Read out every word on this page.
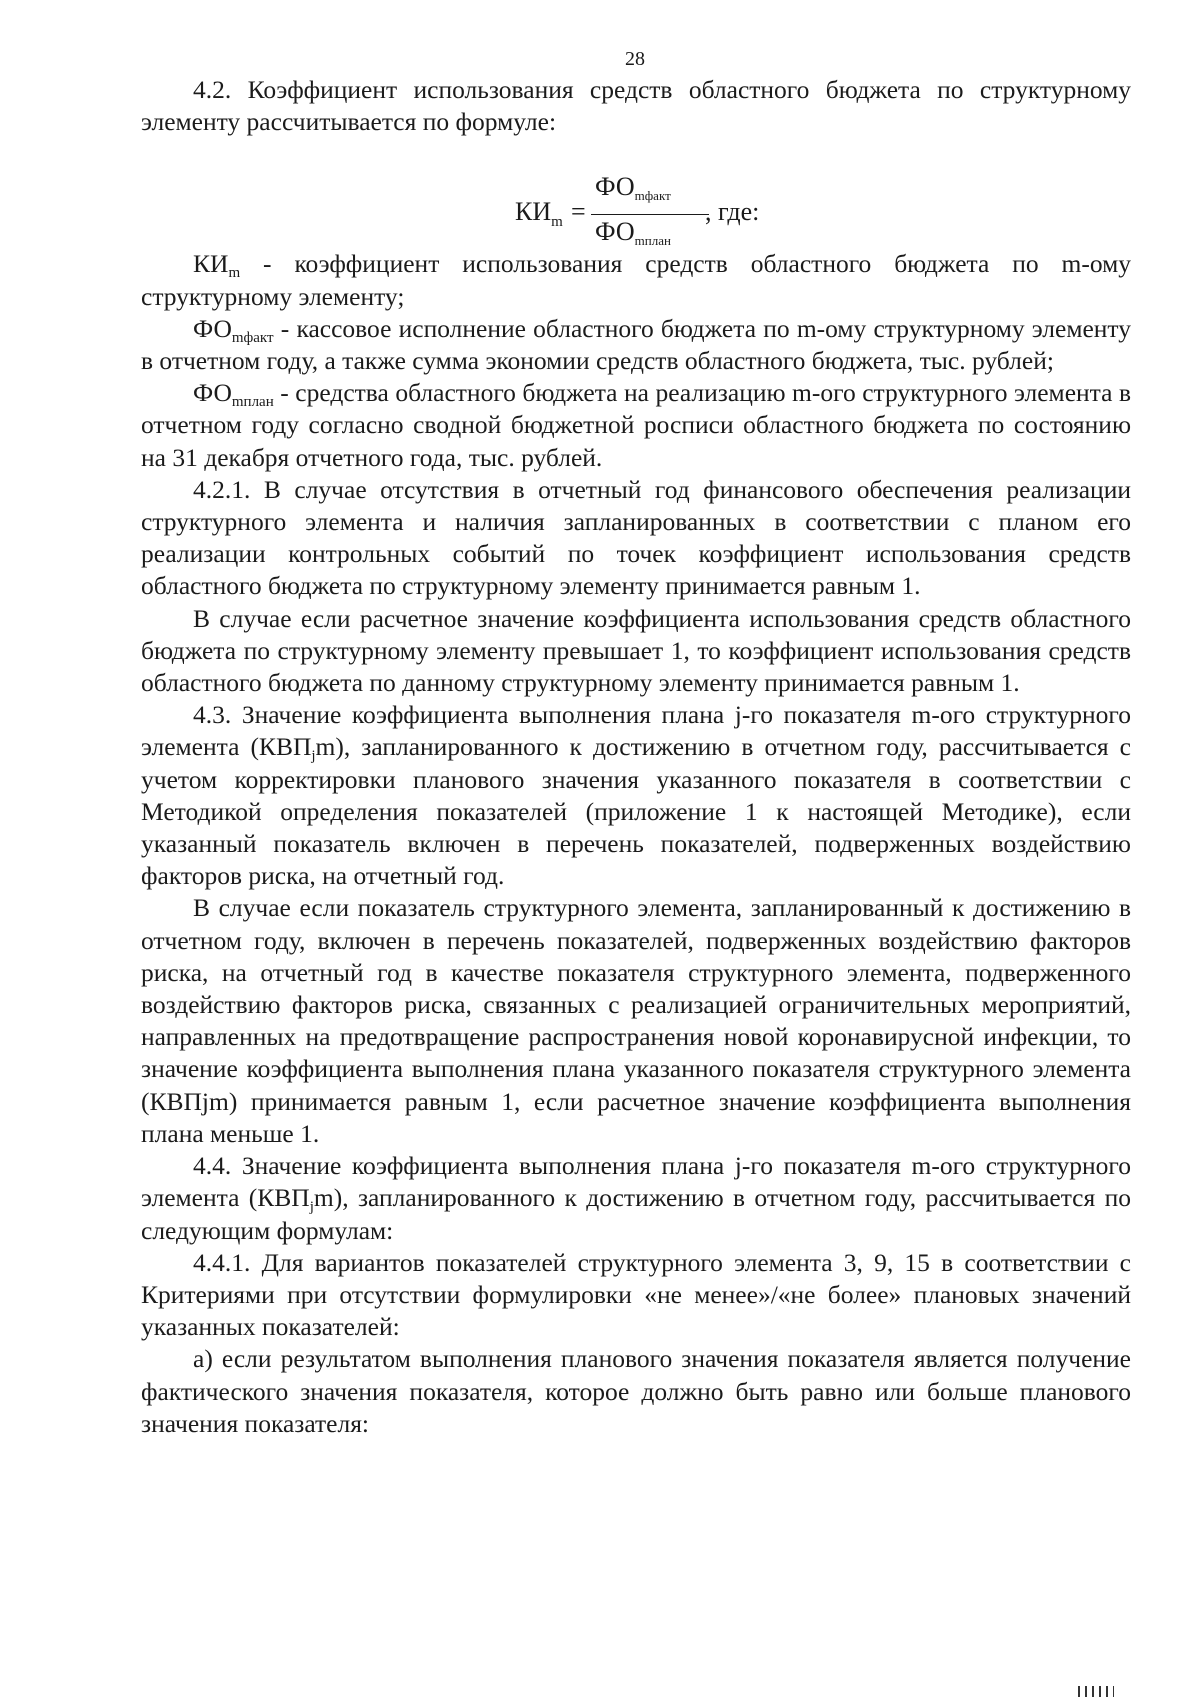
28
$КИ_m$ =
ФОmфакт
ФОmплан
, где:

4.2. Коэффициент использования средств областного бюджета по структурному элементу рассчитывается по формуле:

$КИ_m$ - коэффициент использования средств областного бюджета по m-ому структурному элементу;

$ФО_{mфакт}$ - кассовое исполнение областного бюджета по m-ому структурному элементу в отчетном году, а также сумма экономии средств областного бюджета, тыс. рублей;

$ФО_{mплан}$ - средства областного бюджета на реализацию m-ого структурного элемента в отчетном году согласно сводной бюджетной росписи областного бюджета по состоянию на 31 декабря отчетного года, тыс. рублей.

4.2.1. В случае отсутствия в отчетный год финансового обеспечения реализации структурного элемента и наличия запланированных в соответствии с планом его реализации контрольных событий по точек коэффициент использования средств областного бюджета по структурному элементу принимается равным 1.

В случае если расчетное значение коэффициента использования средств областного бюджета по структурному элементу превышает 1, то коэффициент использования средств областного бюджета по данному структурному элементу принимается равным 1.

4.3. Значение коэффициента выполнения плана j-го показателя m-ого структурного элемента $(КВП_jm)$, запланированного к достижению в отчетном году, рассчитывается с учетом корректировки планового значения указанного показателя в соответствии с Методикой определения показателей (приложение 1 к настоящей Методике), если указанный показатель включен в перечень показателей, подверженных воздействию факторов риска, на отчетный год.

В случае если показатель структурного элемента, запланированный к достижению в отчетном году, включен в перечень показателей, подверженных воздействию факторов риска, на отчетный год в качестве показателя структурного элемента, подверженного воздействию факторов риска, связанных с реализацией ограничительных мероприятий, направленных на предотвращение распространения новой коронавирусной инфекции, то значение коэффициента выполнения плана указанного показателя структурного элемента (КВПjm) принимается равным 1, если расчетное значение коэффициента выполнения плана меньше 1.

4.4. Значение коэффициента выполнения плана j-го показателя m-ого структурного элемента $(КВП_jm)$, запланированного к достижению в отчетном году, рассчитывается по следующим формулам:

4.4.1. Для вариантов показателей структурного элемента 3, 9, 15 в соответствии с Критериями при отсутствии формулировки «не менее»/«не более» плановых значений указанных показателей:

а) если результатом выполнения планового значения показателя является получение фактического значения показателя, которое должно быть равно или больше планового значения показателя:
